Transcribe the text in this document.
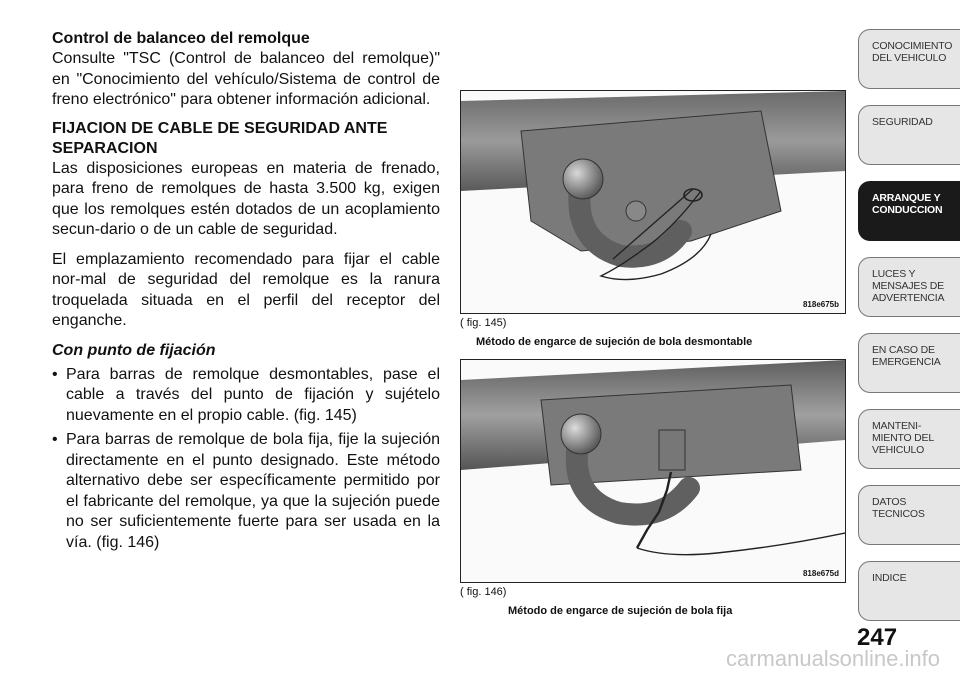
Control de balanceo del remolque

Consulte "TSC (Control de balanceo del remolque)" en "Conocimiento del vehículo/Sistema de control de freno electrónico" para obtener información adicional.

FIJACION DE CABLE DE SEGURIDAD ANTE
SEPARACION

Las disposiciones europeas en materia de frenado, para freno de remolques de hasta 3.500 kg, exigen que los remolques estén dotados de un acoplamiento secun-dario o de un cable de seguridad.

El emplazamiento recomendado para fijar el cable nor-mal de seguridad del remolque es la ranura troquelada situada en el perfil del receptor del enganche.

Con punto de fijación
• Para barras de remolque desmontables, pase el cable a través del punto de fijación y sujételo nuevamente en el propio cable. (fig. 145)
• Para barras de remolque de bola fija, fije la sujeción directamente en el punto designado. Este método alternativo debe ser específicamente permitido por el fabricante del remolque, ya que la sujeción puede no ser suficientemente fuerte para ser usada en la vía. (fig. 146)
818e675b
( fig. 145)
Método de engarce de sujeción de bola desmontable
818e675d
( fig. 146)
Método de engarce de sujeción de bola fija
CONOCIMIENTO DEL VEHICULO
SEGURIDAD
ARRANQUE Y CONDUCCION
LUCES Y MENSAJES DE ADVERTENCIA
EN CASO DE EMERGENCIA
MANTENI-MIENTO DEL VEHICULO
DATOS TECNICOS
INDICE
247
carmanualsonline.info
